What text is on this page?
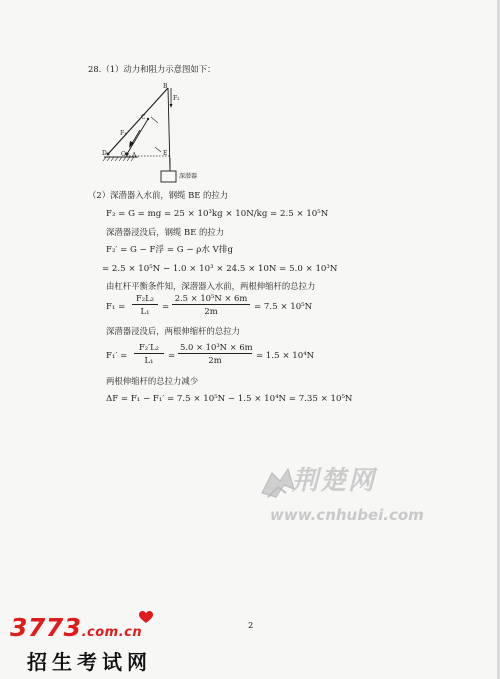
28.（1）动力和阻力示意图如下：
B
F₂
C
F₁
D O A	E
深潜器
（2）深潜器入水前，钢缆 BE 的拉力
F₂ = G = mg = 25 × 10³kg × 10N/kg = 2.5 × 10⁵N
深潜器浸没后，钢缆 BE 的拉力
F₂′ = G − F浮 = G − ρ水 V排g
= 2.5 × 10⁵N − 1.0 × 10³ × 24.5 × 10N = 5.0 × 10³N
由杠杆平衡条件知，深潜器入水前，两根伸缩杆的总拉力
$F_1 = \frac{\text{F₂L₂}}{\text{L₁}} = \frac{\text{2.5 × 10⁵N × 6m}}{2m} = 7.5 \times 10^5N$
深潜器浸没后，两根伸缩杆的总拉力
$F_1' = \frac{\text{F₂′L₂}}{\text{L₁}} = \frac{\text{5.0 × 10³N × 6m}}{2m} = 1.5 \times 10^4N$
两根伸缩杆的总拉力减少
ΔF = F₁ − F₁′ = 7.5 × 10⁵N − 1.5 × 10⁴N = 7.35 × 10⁵N
荆楚网
www.cnhubei.com
2
3773.com.cn
招生考试网
